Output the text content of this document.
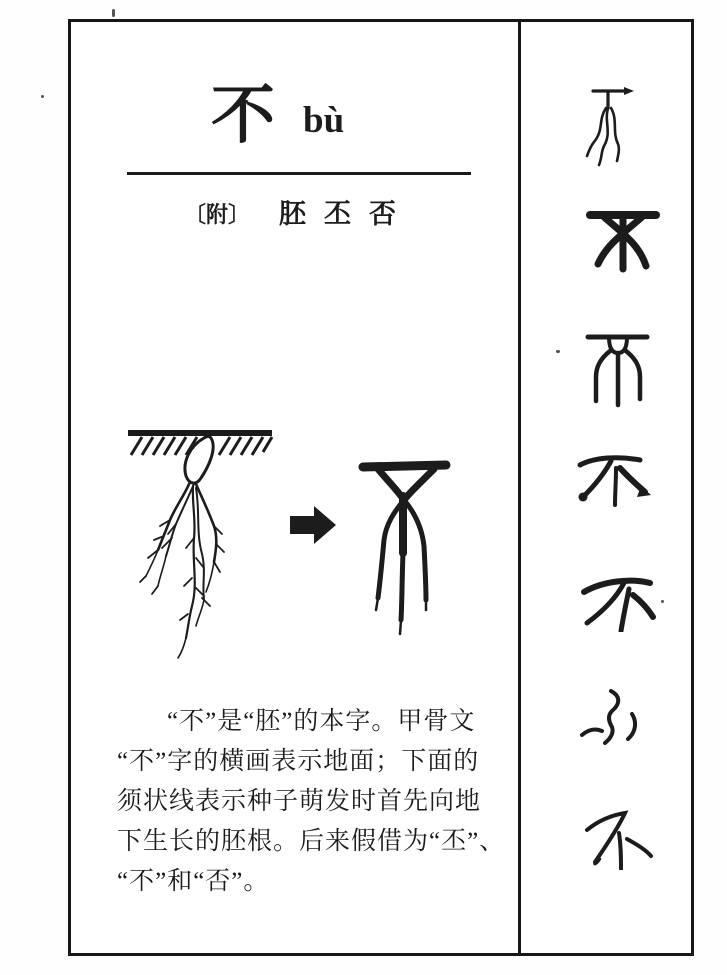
不 bù
〔附〕 胚 丕 否
“不”是“胚”的本字。甲骨文
“不”字的横画表示地面；下面的
须状线表示种子萌发时首先向地
下生长的胚根。后来假借为“丕”、
“不”和“否”。
